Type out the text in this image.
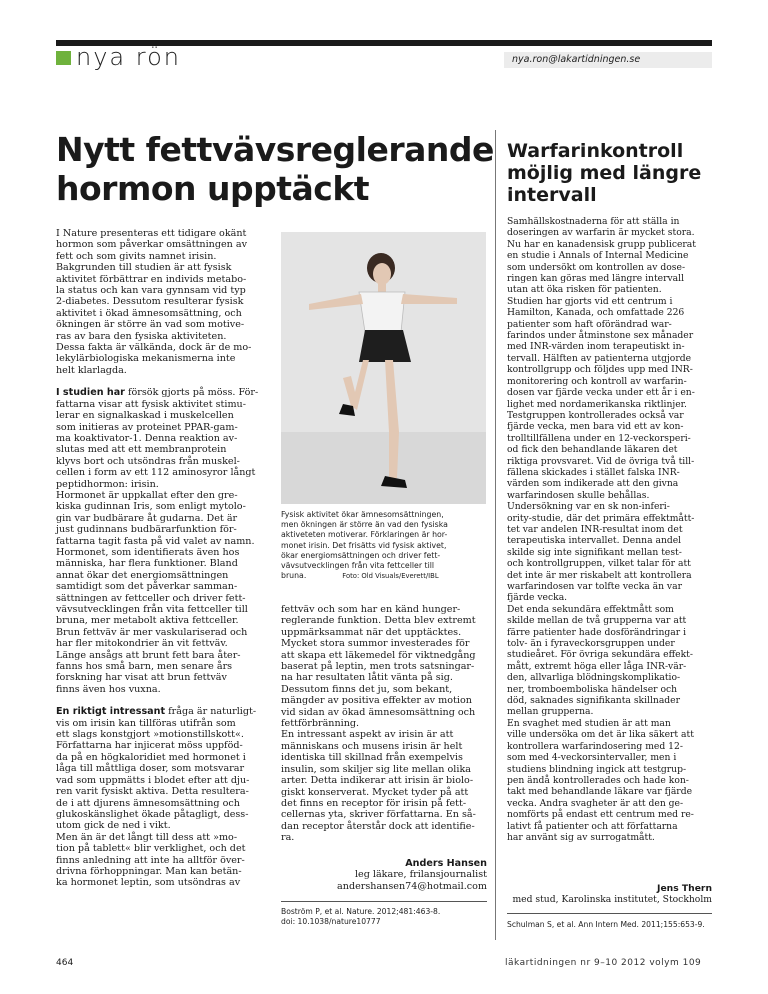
nya rön	nya.ron@lakartidningen.se
Nytt fettvävsreglerande
hormon upptäckt
I Nature presenteras ett tidigare okänt
hormon som påverkar omsättningen av
fett och som givits namnet irisin.
Bakgrunden till studien är att fysisk
aktivitet förbättrar en individs metabo-
la status och kan vara gynnsam vid typ
2-diabetes. Dessutom resulterar fysisk
aktivitet i ökad ämnesomsättning, och
ökningen är större än vad som motive-
ras av bara den fysiska aktiviteten.
Dessa fakta är välkända, dock är de mo-
lekylärbiologiska mekanismerna inte
helt klarlagda.
I studien har försök gjorts på möss. För-
fattarna visar att fysisk aktivitet stimu-
lerar en signalkaskad i muskelcellen
som initieras av proteinet PPAR-gam-
ma koaktivator-1. Denna reaktion av-
slutas med att ett membranprotein
klyvs bort och utsöndras från muskel-
cellen i form av ett 112 aminosyror långt
peptidhormon: irisin.
Hormonet är uppkallat efter den gre-
kiska gudinnan Iris, som enligt mytolo-
gin var budbärare åt gudarna. Det är
just gudinnans budbärarfunktion för-
fattarna tagit fasta på vid valet av namn.
Hormonet, som identifierats även hos
människa, har flera funktioner. Bland
annat ökar det energiomsättningen
samtidigt som det påverkar samman-
sättningen av fettceller och driver fett-
vävsutvecklingen från vita fettceller till
bruna, mer metabolt aktiva fettceller.
Brun fettväv är mer vaskulariserad och
har fler mitokondrier än vit fettväv.
Länge ansågs att brunt fett bara åter-
fanns hos små barn, men senare års
forskning har visat att brun fettväv
finns även hos vuxna.
En riktigt intressant fråga är naturligt-
vis om irisin kan tillföras utifrån som
ett slags konstgjort »motionstillskott«.
Författarna har injicerat möss uppföd-
da på en högkaloridiet med hormonet i
låga till måttliga doser, som motsvarar
vad som uppmätts i blodet efter att dju-
ren varit fysiskt aktiva. Detta resultera-
de i att djurens ämnesomsättning och
glukoskänslighet ökade påtagligt, dess-
utom gick de ned i vikt.
Men än är det långt till dess att »mo-
tion på tablett« blir verklighet, och det
finns anledning att inte ha alltför över-
drivna förhoppningar. Man kan betän-
ka hormonet leptin, som utsöndras av
Fysisk aktivitet ökar ämnesomsättningen,
men ökningen är större än vad den fysiska
aktiveteten motiverar. Förklaringen är hor-
monet irisin. Det frisätts vid fysisk aktivet,
ökar energiomsättningen och driver fett-
vävsutvecklingen från vita fettceller till
bruna.	Foto: Old Visuals/Everett/IBL
fettväv och som har en känd hunger-
reglerande funktion. Detta blev extremt
uppmärksammat när det upptäcktes.
Mycket stora summor investerades för
att skapa ett läkemedel för viktnedgång
baserat på leptin, men trots satsningar-
na har resultaten låtit vänta på sig.
Dessutom finns det ju, som bekant,
mängder av positiva effekter av motion
vid sidan av ökad ämnesomsättning och
fettförbränning.
En intressant aspekt av irisin är att
människans och musens irisin är helt
identiska till skillnad från exempelvis
insulin, som skiljer sig lite mellan olika
arter. Detta indikerar att irisin är biolo-
giskt konserverat. Mycket tyder på att
det finns en receptor för irisin på fett-
cellernas yta, skriver författarna. En så-
dan receptor återstår dock att identifie-
ra.
Anders Hansen
leg läkare, frilansjournalist
andershansen74@hotmail.com
Boström P, et al. Nature. 2012;481:463-8.
doi: 10.1038/nature10777
Warfarinkontroll
möjlig med längre
intervall
Samhällskostnaderna för att ställa in
doseringen av warfarin är mycket stora.
Nu har en kanadensisk grupp publicerat
en studie i Annals of Internal Medicine
som undersökt om kontrollen av dose-
ringen kan göras med längre intervall
utan att öka risken för patienten.
Studien har gjorts vid ett centrum i
Hamilton, Kanada, och omfattade 226
patienter som haft oförändrad war-
farindos under åtminstone sex månader
med INR-värden inom terapeutiskt in-
tervall. Hälften av patienterna utgjorde
kontrollgrupp och följdes upp med INR-
monitorering och kontroll av warfarin-
dosen var fjärde vecka under ett år i en-
lighet med nordamerikanska riktlinjer.
Testgruppen kontrollerades också var
fjärde vecka, men bara vid ett av kon-
trolltillfällena under en 12-veckorsperi-
od fick den behandlande läkaren det
riktiga provsvaret. Vid de övriga två till-
fällena skickades i stället falska INR-
värden som indikerade att den givna
warfarindosen skulle behållas.
Undersökning var en sk non-inferi-
ority-studie, där det primära effektmått-
tet var andelen INR-resultat inom det
terapeutiska intervallet. Denna andel
skilde sig inte signifikant mellan test-
och kontrollgruppen, vilket talar för att
det inte är mer riskabelt att kontrollera
warfarindosen var tolfte vecka än var
fjärde vecka.
Det enda sekundära effektmått som
skilde mellan de två grupperna var att
färre patienter hade dosförändringar i
tolv- än i fyraveckorsgruppen under
studieåret. För övriga sekundära effekt-
mått, extremt höga eller låga INR-vär-
den, allvarliga blödningskomplikatio-
ner, tromboemboliska händelser och
död, saknades signifikanta skillnader
mellan grupperna.
En svaghet med studien är att man
ville undersöka om det är lika säkert att
kontrollera warfarindosering med 12-
som med 4-veckorsintervaller, men i
studiens blindning ingick att testgrup-
pen ändå kontrollerades och hade kon-
takt med behandlande läkare var fjärde
vecka. Andra svagheter är att den ge-
nomförts på endast ett centrum med re-
lativt få patienter och att författarna
har använt sig av surrogatmått.
Jens Thern
med stud, Karolinska institutet, Stockholm
Schulman S, et al. Ann Intern Med. 2011;155:653-9.
464	läkartidningen nr 9–10 2012 volym 109
